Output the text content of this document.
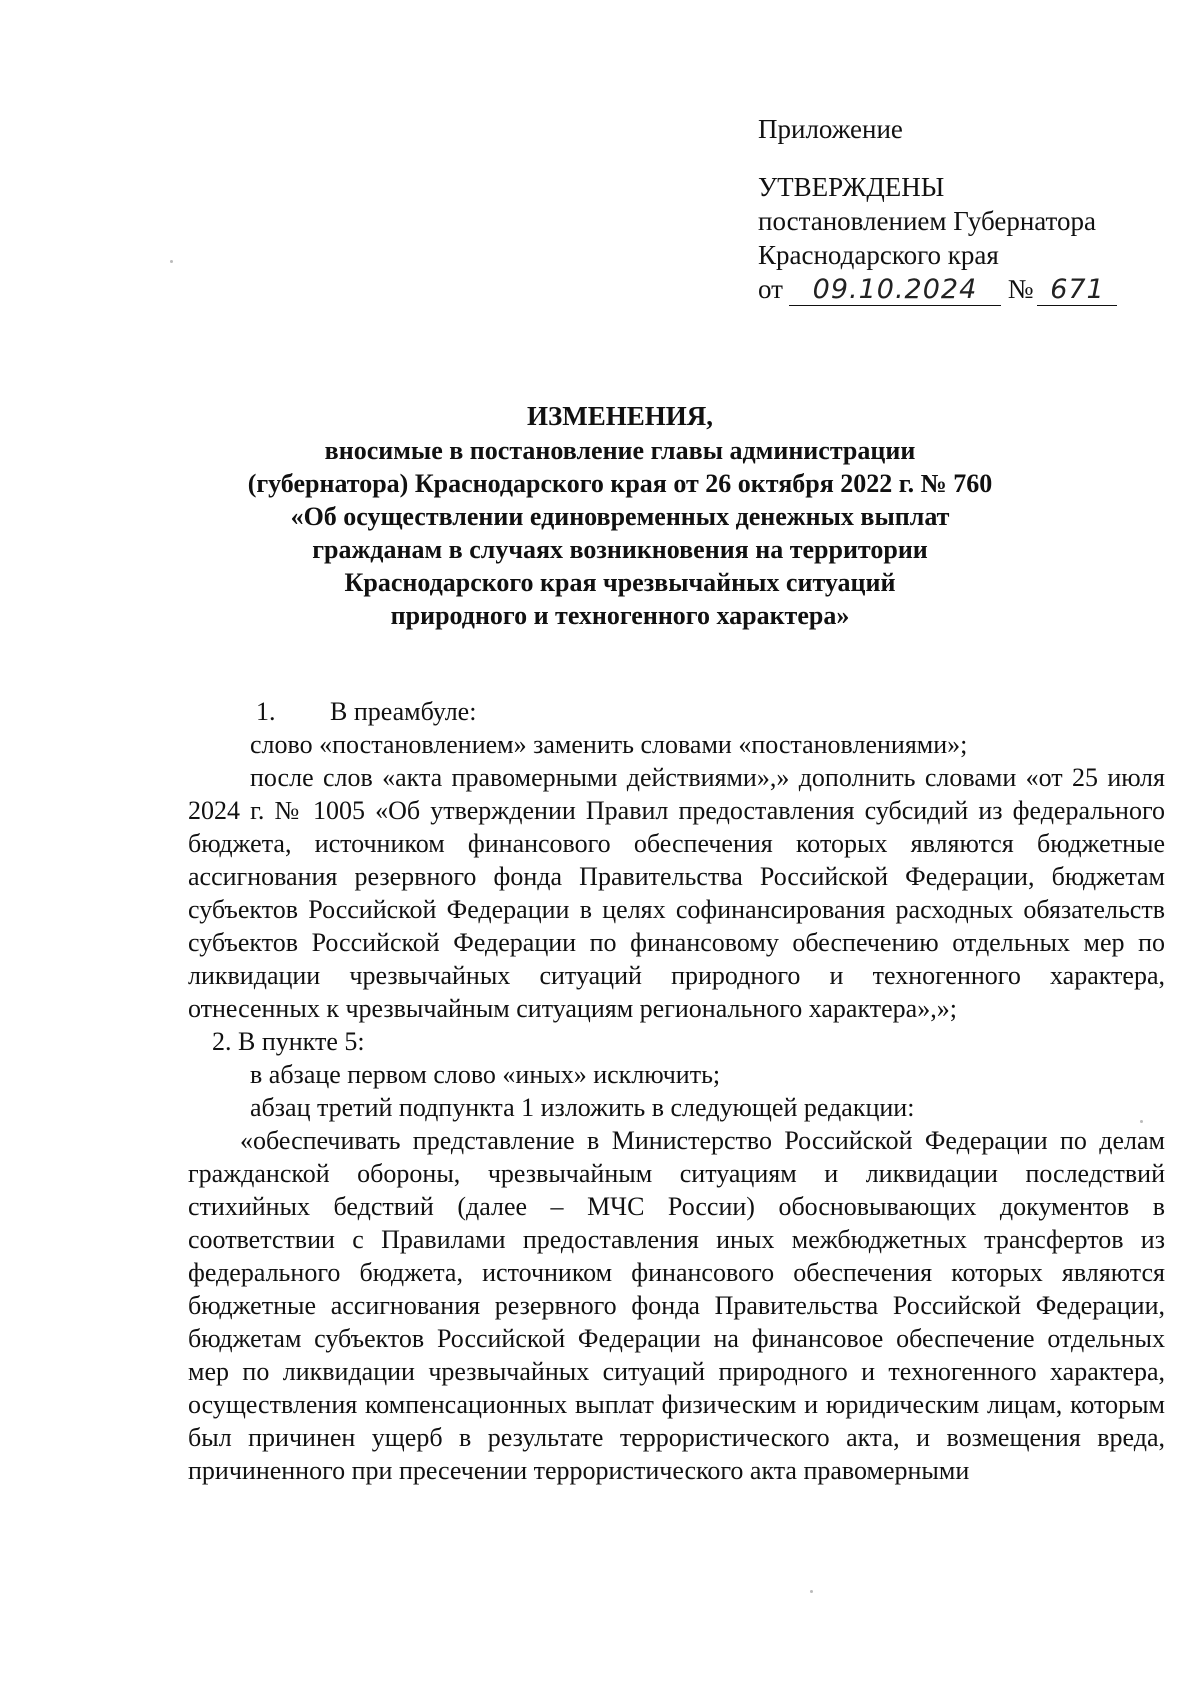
Приложение
УТВЕРЖДЕНЫ
постановлением Губернатора
Краснодарского края
от 09.10.2024 № 671
ИЗМЕНЕНИЯ,
вносимые в постановление главы администрации
(губернатора) Краснодарского края от 26 октября 2022 г. № 760
«Об осуществлении единовременных денежных выплат
гражданам в случаях возникновения на территории
Краснодарского края чрезвычайных ситуаций
природного и техногенного характера»

1. В преамбуле:

слово «постановлением» заменить словами «постановлениями»;

после слов «акта правомерными действиями»,» дополнить словами «от 25 июля 2024 г. № 1005 «Об утверждении Правил предоставления субсидий из федерального бюджета, источником финансового обеспечения которых являются бюджетные ассигнования резервного фонда Правительства Российской Федерации, бюджетам субъектов Российской Федерации в целях софинансирования расходных обязательств субъектов Российской Федерации по финансовому обеспечению отдельных мер по ликвидации чрезвычайных ситуаций природного и техногенного характера, отнесенных к чрезвычайным ситуациям регионального характера»,»;

2. В пункте 5:

в абзаце первом слово «иных» исключить;

абзац третий подпункта 1 изложить в следующей редакции:

«обеспечивать представление в Министерство Российской Федерации по делам гражданской обороны, чрезвычайным ситуациям и ликвидации последствий стихийных бедствий (далее – МЧС России) обосновывающих документов в соответствии с Правилами предоставления иных межбюджетных трансфертов из федерального бюджета, источником финансового обеспечения которых являются бюджетные ассигнования резервного фонда Правительства Российской Федерации, бюджетам субъектов Российской Федерации на финансовое обеспечение отдельных мер по ликвидации чрезвычайных ситуаций природного и техногенного характера, осуществления компенсационных выплат физическим и юридическим лицам, которым был причинен ущерб в результате террористического акта, и возмещения вреда, причиненного при пресечении террористического акта правомерными
